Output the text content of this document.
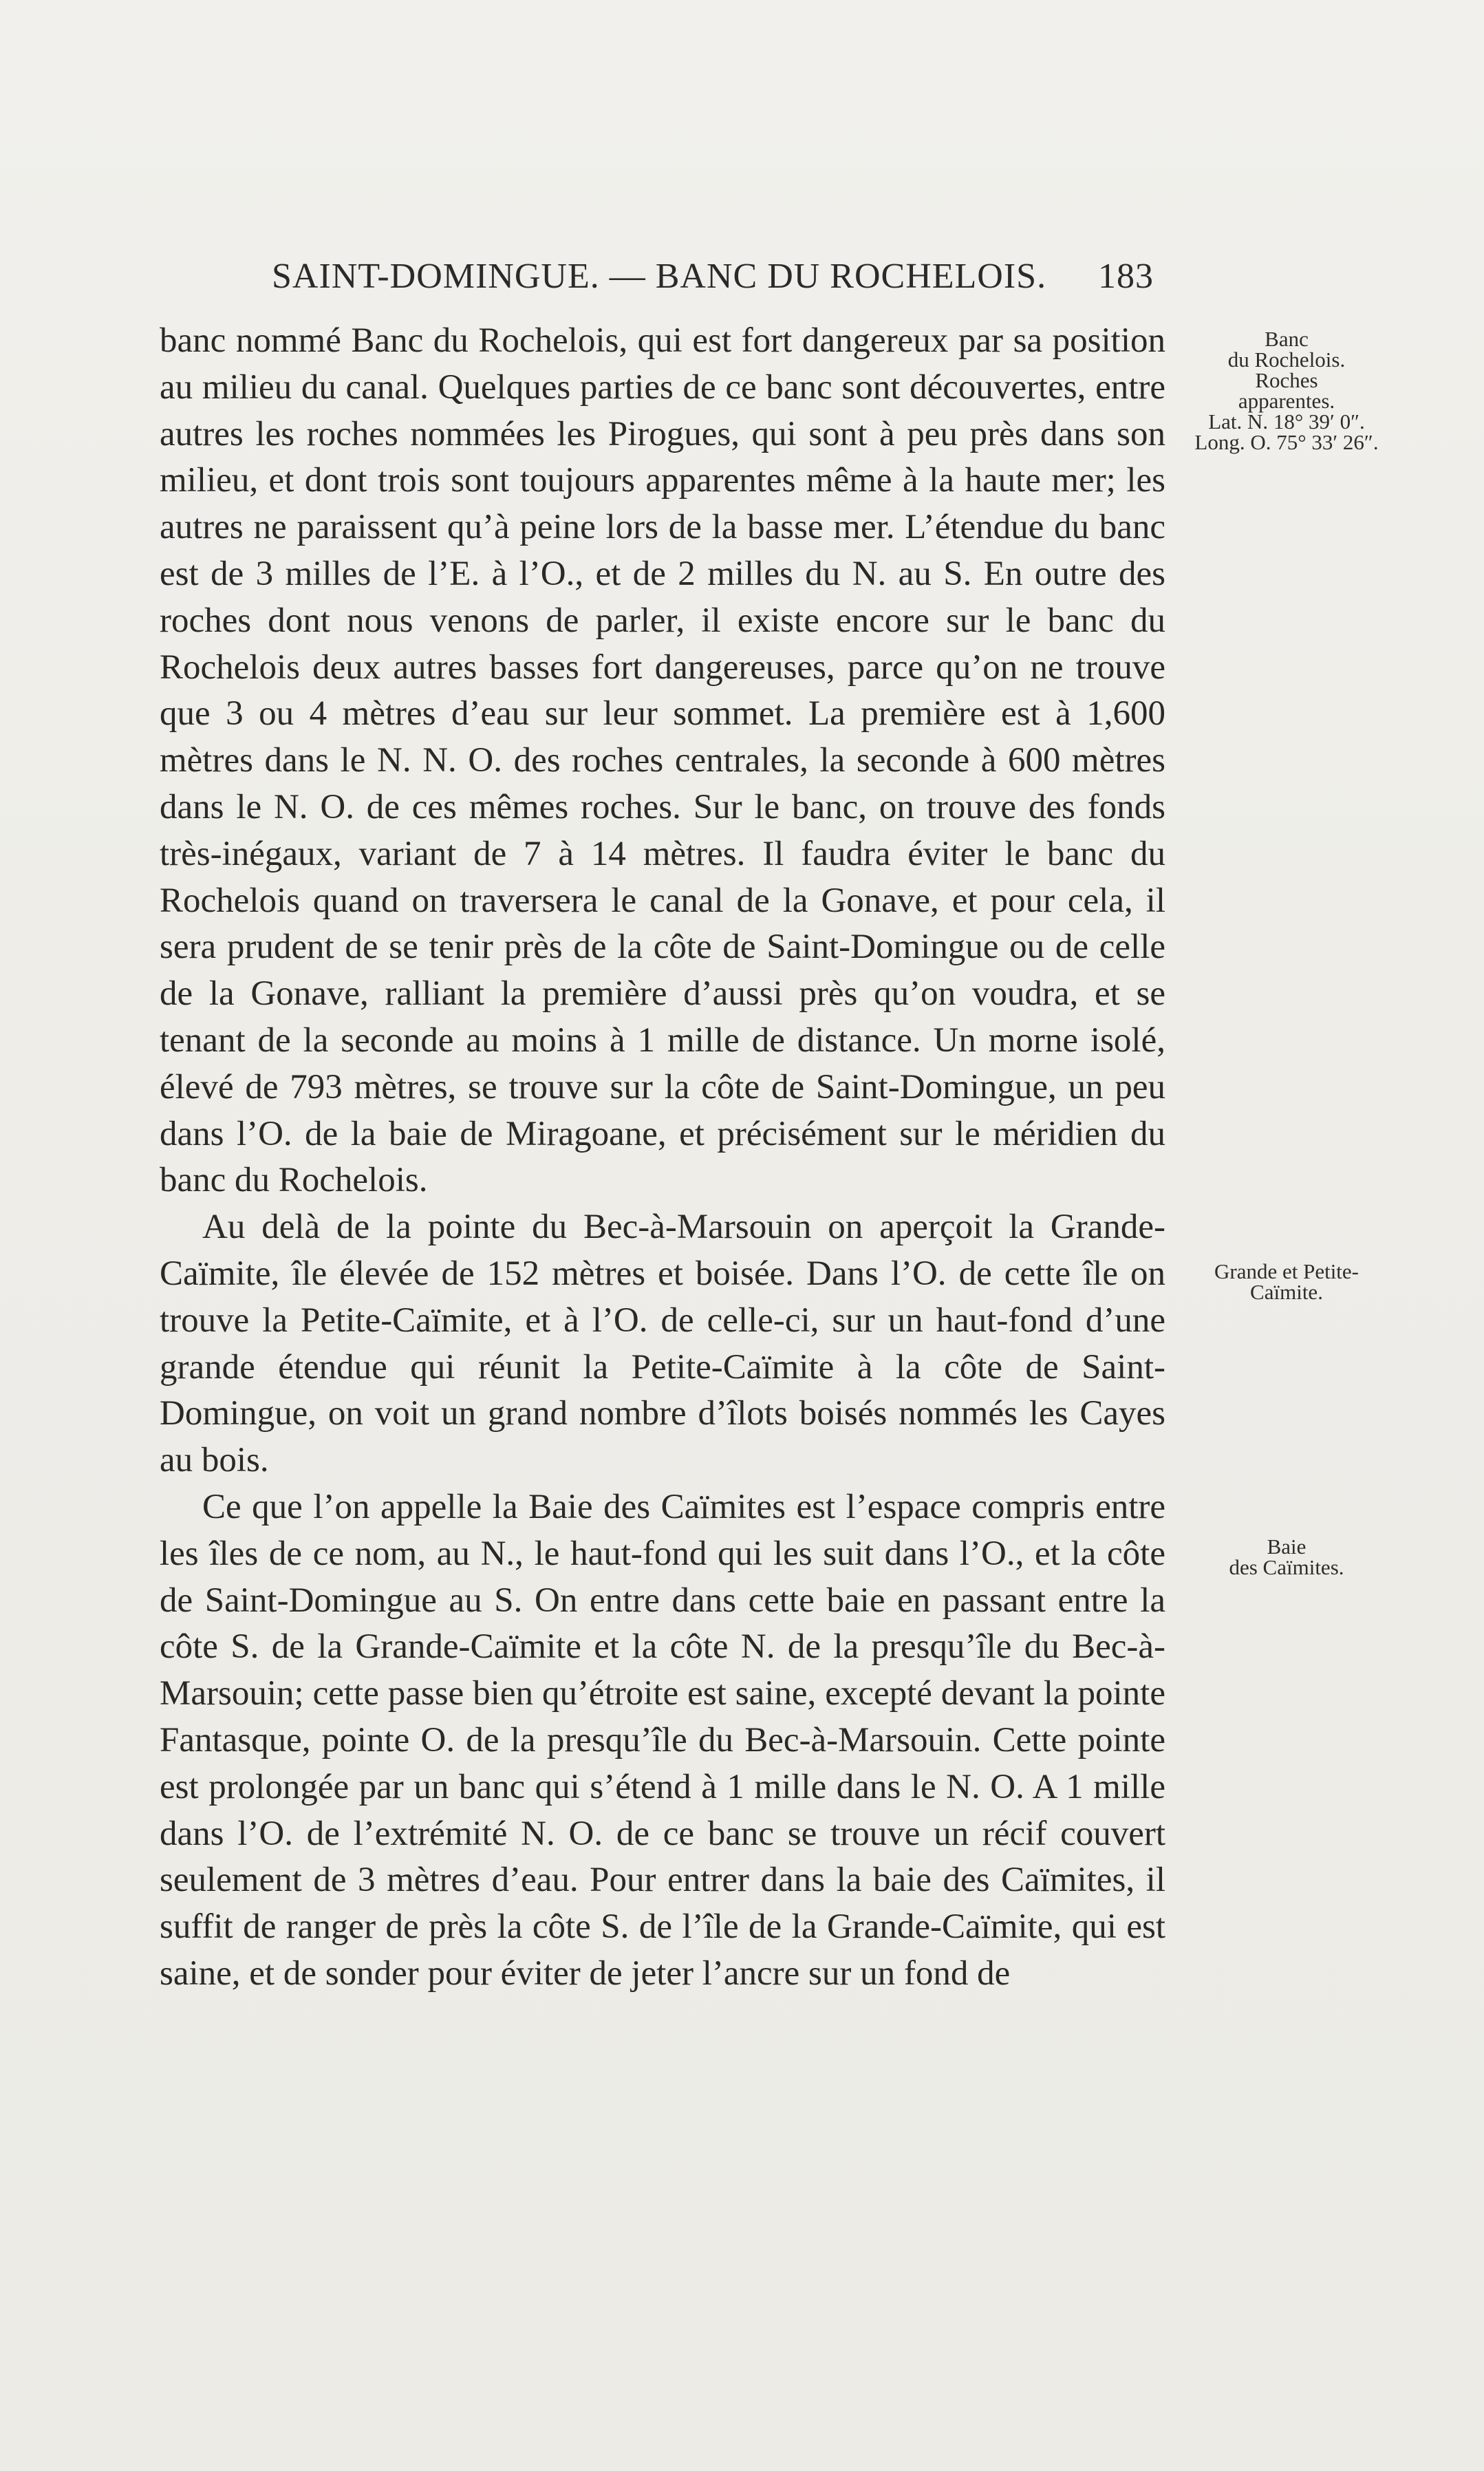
SAINT-DOMINGUE. — BANC DU ROCHELOIS. 183

banc nommé Banc du Rochelois, qui est fort dangereux par sa position au milieu du canal. Quelques parties de ce banc sont découvertes, entre autres les roches nommées les Pirogues, qui sont à peu près dans son milieu, et dont trois sont toujours apparentes même à la haute mer; les autres ne paraissent qu’à peine lors de la basse mer. L’étendue du banc est de 3 milles de l’E. à l’O., et de 2 milles du N. au S. En outre des roches dont nous venons de parler, il existe encore sur le banc du Rochelois deux autres basses fort dangereuses, parce qu’on ne trouve que 3 ou 4 mètres d’eau sur leur sommet. La première est à 1,600 mètres dans le N. N. O. des roches centrales, la seconde à 600 mètres dans le N. O. de ces mêmes roches. Sur le banc, on trouve des fonds très-inégaux, variant de 7 à 14 mètres. Il faudra éviter le banc du Rochelois quand on traversera le canal de la Gonave, et pour cela, il sera prudent de se tenir près de la côte de Saint-Domingue ou de celle de la Gonave, ralliant la première d’aussi près qu’on voudra, et se tenant de la seconde au moins à 1 mille de distance. Un morne isolé, élevé de 793 mètres, se trouve sur la côte de Saint-Domingue, un peu dans l’O. de la baie de Miragoane, et précisément sur le méridien du banc du Rochelois.

Au delà de la pointe du Bec-à-Marsouin on aperçoit la Grande-Caïmite, île élevée de 152 mètres et boisée. Dans l’O. de cette île on trouve la Petite-Caïmite, et à l’O. de celle-ci, sur un haut-fond d’une grande étendue qui réunit la Petite-Caïmite à la côte de Saint-Domingue, on voit un grand nombre d’îlots boisés nommés les Cayes au bois.

Ce que l’on appelle la Baie des Caïmites est l’espace compris entre les îles de ce nom, au N., le haut-fond qui les suit dans l’O., et la côte de Saint-Domingue au S. On entre dans cette baie en passant entre la côte S. de la Grande-Caïmite et la côte N. de la presqu’île du Bec-à-Marsouin; cette passe bien qu’étroite est saine, excepté devant la pointe Fantasque, pointe O. de la presqu’île du Bec-à-Marsouin. Cette pointe est prolongée par un banc qui s’étend à 1 mille dans le N. O. A 1 mille dans l’O. de l’extrémité N. O. de ce banc se trouve un récif couvert seulement de 3 mètres d’eau. Pour entrer dans la baie des Caïmites, il suffit de ranger de près la côte S. de l’île de la Grande-Caïmite, qui est saine, et de sonder pour éviter de jeter l’ancre sur un fond de

Banc
du Rochelois.
Roches
apparentes.
Lat. N. 18° 39′ 0″.
Long. O. 75° 33′ 26″.
Grande et Petite-
Caïmite.
Baie
des Caïmites.
